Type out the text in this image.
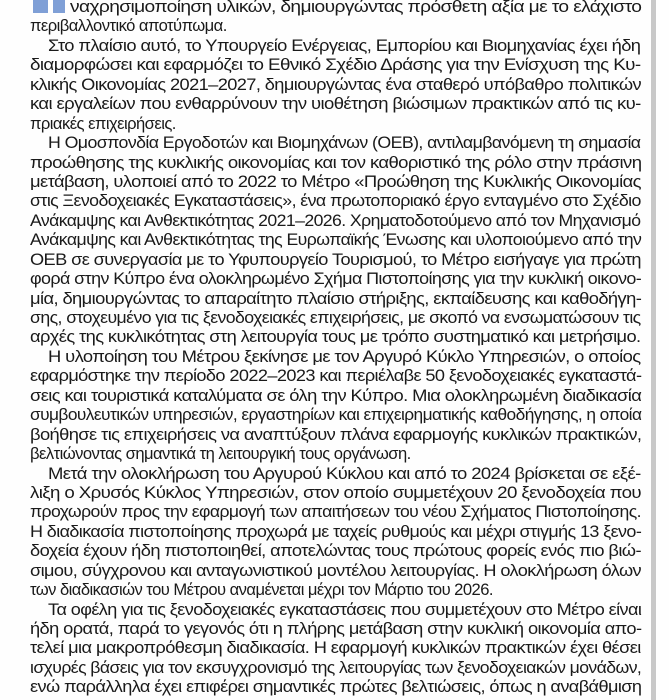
ναχρησιμοποίηση υλικών, δημιουργώντας πρόσθετη αξία με το ελάχιστο
περιβαλλοντικό αποτύπωμα.
Στο πλαίσιο αυτό, το Υπουργείο Ενέργειας, Εμπορίου και Βιομηχανίας έχει ήδη
διαμορφώσει και εφαρμόζει το Εθνικό Σχέδιο Δράσης για την Ενίσχυση της Κυ-
κλικής Οικονομίας 2021–2027, δημιουργώντας ένα σταθερό υπόβαθρο πολιτικών
και εργαλείων που ενθαρρύνουν την υιοθέτηση βιώσιμων πρακτικών από τις κυ-
πριακές επιχειρήσεις.
Η Ομοσπονδία Εργοδοτών και Βιομηχάνων (ΟΕΒ), αντιλαμβανόμενη τη σημασία
προώθησης της κυκλικής οικονομίας και τον καθοριστικό της ρόλο στην πράσινη
μετάβαση, υλοποιεί από το 2022 το Μέτρο «Προώθηση της Κυκλικής Οικονομίας
στις Ξενοδοχειακές Εγκαταστάσεις», ένα πρωτοποριακό έργο ενταγμένο στο Σχέδιο
Ανάκαμψης και Ανθεκτικότητας 2021–2026. Χρηματοδοτούμενο από τον Μηχανισμό
Ανάκαμψης και Ανθεκτικότητας της Ευρωπαϊκής Ένωσης και υλοποιούμενο από την
ΟΕΒ σε συνεργασία με το Υφυπουργείο Τουρισμού, το Μέτρο εισήγαγε για πρώτη
φορά στην Κύπρο ένα ολοκληρωμένο Σχήμα Πιστοποίησης για την κυκλική οικονο-
μία, δημιουργώντας το απαραίτητο πλαίσιο στήριξης, εκπαίδευσης και καθοδήγη-
σης, στοχευμένο για τις ξενοδοχειακές επιχειρήσεις, με σκοπό να ενσωματώσουν τις
αρχές της κυκλικότητας στη λειτουργία τους με τρόπο συστηματικό και μετρήσιμο.
Η υλοποίηση του Μέτρου ξεκίνησε με τον Αργυρό Κύκλο Υπηρεσιών, ο οποίος
εφαρμόστηκε την περίοδο 2022–2023 και περιέλαβε 50 ξενοδοχειακές εγκαταστά-
σεις και τουριστικά καταλύματα σε όλη την Κύπρο. Μια ολοκληρωμένη διαδικασία
συμβουλευτικών υπηρεσιών, εργαστηρίων και επιχειρηματικής καθοδήγησης, η οποία
βοήθησε τις επιχειρήσεις να αναπτύξουν πλάνα εφαρμογής κυκλικών πρακτικών,
βελτιώνοντας σημαντικά τη λειτουργική τους οργάνωση.
Μετά την ολοκλήρωση του Αργυρού Κύκλου και από το 2024 βρίσκεται σε εξέ-
λιξη ο Χρυσός Κύκλος Υπηρεσιών, στον οποίο συμμετέχουν 20 ξενοδοχεία που
προχωρούν προς την εφαρμογή των απαιτήσεων του νέου Σχήματος Πιστοποίησης.
Η διαδικασία πιστοποίησης προχωρά με ταχείς ρυθμούς και μέχρι στιγμής 13 ξενο-
δοχεία έχουν ήδη πιστοποιηθεί, αποτελώντας τους πρώτους φορείς ενός πιο βιώ-
σιμου, σύγχρονου και ανταγωνιστικού μοντέλου λειτουργίας. Η ολοκλήρωση όλων
των διαδικασιών του Μέτρου αναμένεται μέχρι τον Μάρτιο του 2026.
Τα οφέλη για τις ξενοδοχειακές εγκαταστάσεις που συμμετέχουν στο Μέτρο είναι
ήδη ορατά, παρά το γεγονός ότι η πλήρης μετάβαση στην κυκλική οικονομία απο-
τελεί μια μακροπρόθεσμη διαδικασία. Η εφαρμογή κυκλικών πρακτικών έχει θέσει
ισχυρές βάσεις για τον εκσυγχρονισμό της λειτουργίας των ξενοδοχειακών μονάδων,
ενώ παράλληλα έχει επιφέρει σημαντικές πρώτες βελτιώσεις, όπως η αναβάθμιση
